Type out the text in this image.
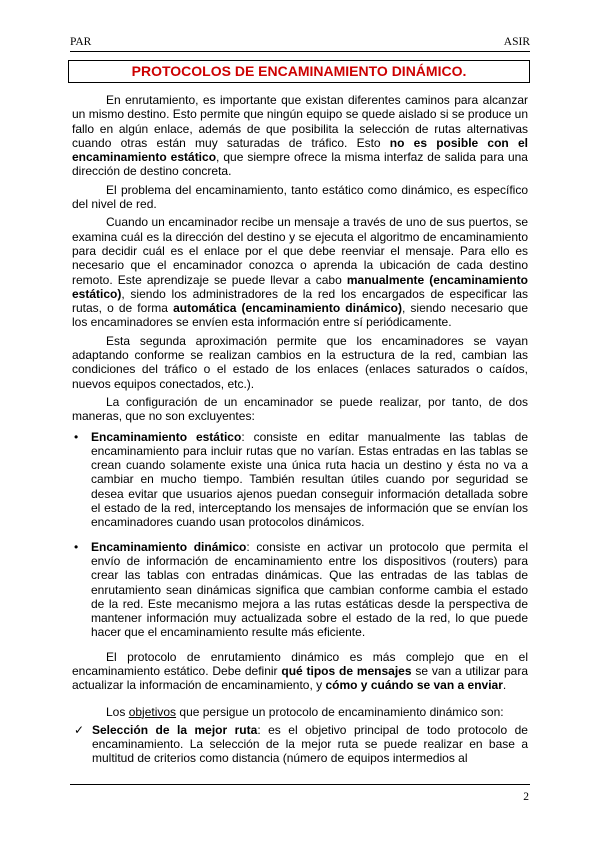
PAR	ASIR
PROTOCOLOS DE ENCAMINAMIENTO DINÁMICO.

En enrutamiento, es importante que existan diferentes caminos para alcanzar un mismo destino. Esto permite que ningún equipo se quede aislado si se produce un fallo en algún enlace, además de que posibilita la selección de rutas alternativas cuando otras están muy saturadas de tráfico. Esto no es posible con el encaminamiento estático, que siempre ofrece la misma interfaz de salida para una dirección de destino concreta.

El problema del encaminamiento, tanto estático como dinámico, es específico del nivel de red.

Cuando un encaminador recibe un mensaje a través de uno de sus puertos, se examina cuál es la dirección del destino y se ejecuta el algoritmo de encaminamiento para decidir cuál es el enlace por el que debe reenviar el mensaje. Para ello es necesario que el encaminador conozca o aprenda la ubicación de cada destino remoto. Este aprendizaje se puede llevar a cabo manualmente (encaminamiento estático), siendo los administradores de la red los encargados de especificar las rutas, o de forma automática (encaminamiento dinámico), siendo necesario que los encaminadores se envíen esta información entre sí periódicamente.

Esta segunda aproximación permite que los encaminadores se vayan adaptando conforme se realizan cambios en la estructura de la red, cambian las condiciones del tráfico o el estado de los enlaces (enlaces saturados o caídos, nuevos equipos conectados, etc.).

La configuración de un encaminador se puede realizar, por tanto, de dos maneras, que no son excluyentes:

• Encaminamiento estático: consiste en editar manualmente las tablas de encaminamiento para incluir rutas que no varían. Estas entradas en las tablas se crean cuando solamente existe una única ruta hacia un destino y ésta no va a cambiar en mucho tiempo. También resultan útiles cuando por seguridad se desea evitar que usuarios ajenos puedan conseguir información detallada sobre el estado de la red, interceptando los mensajes de información que se envían los encaminadores cuando usan protocolos dinámicos.
• Encaminamiento dinámico: consiste en activar un protocolo que permita el envío de información de encaminamiento entre los dispositivos (routers) para crear las tablas con entradas dinámicas. Que las entradas de las tablas de enrutamiento sean dinámicas significa que cambian conforme cambia el estado de la red. Este mecanismo mejora a las rutas estáticas desde la perspectiva de mantener información muy actualizada sobre el estado de la red, lo que puede hacer que el encaminamiento resulte más eficiente.

El protocolo de enrutamiento dinámico es más complejo que en el encaminamiento estático. Debe definir qué tipos de mensajes se van a utilizar para actualizar la información de encaminamiento, y cómo y cuándo se van a enviar.

Los objetivos que persigue un protocolo de encaminamiento dinámico son:

✓ Selección de la mejor ruta: es el objetivo principal de todo protocolo de encaminamiento. La selección de la mejor ruta se puede realizar en base a multitud de criterios como distancia (número de equipos intermedios al
2
